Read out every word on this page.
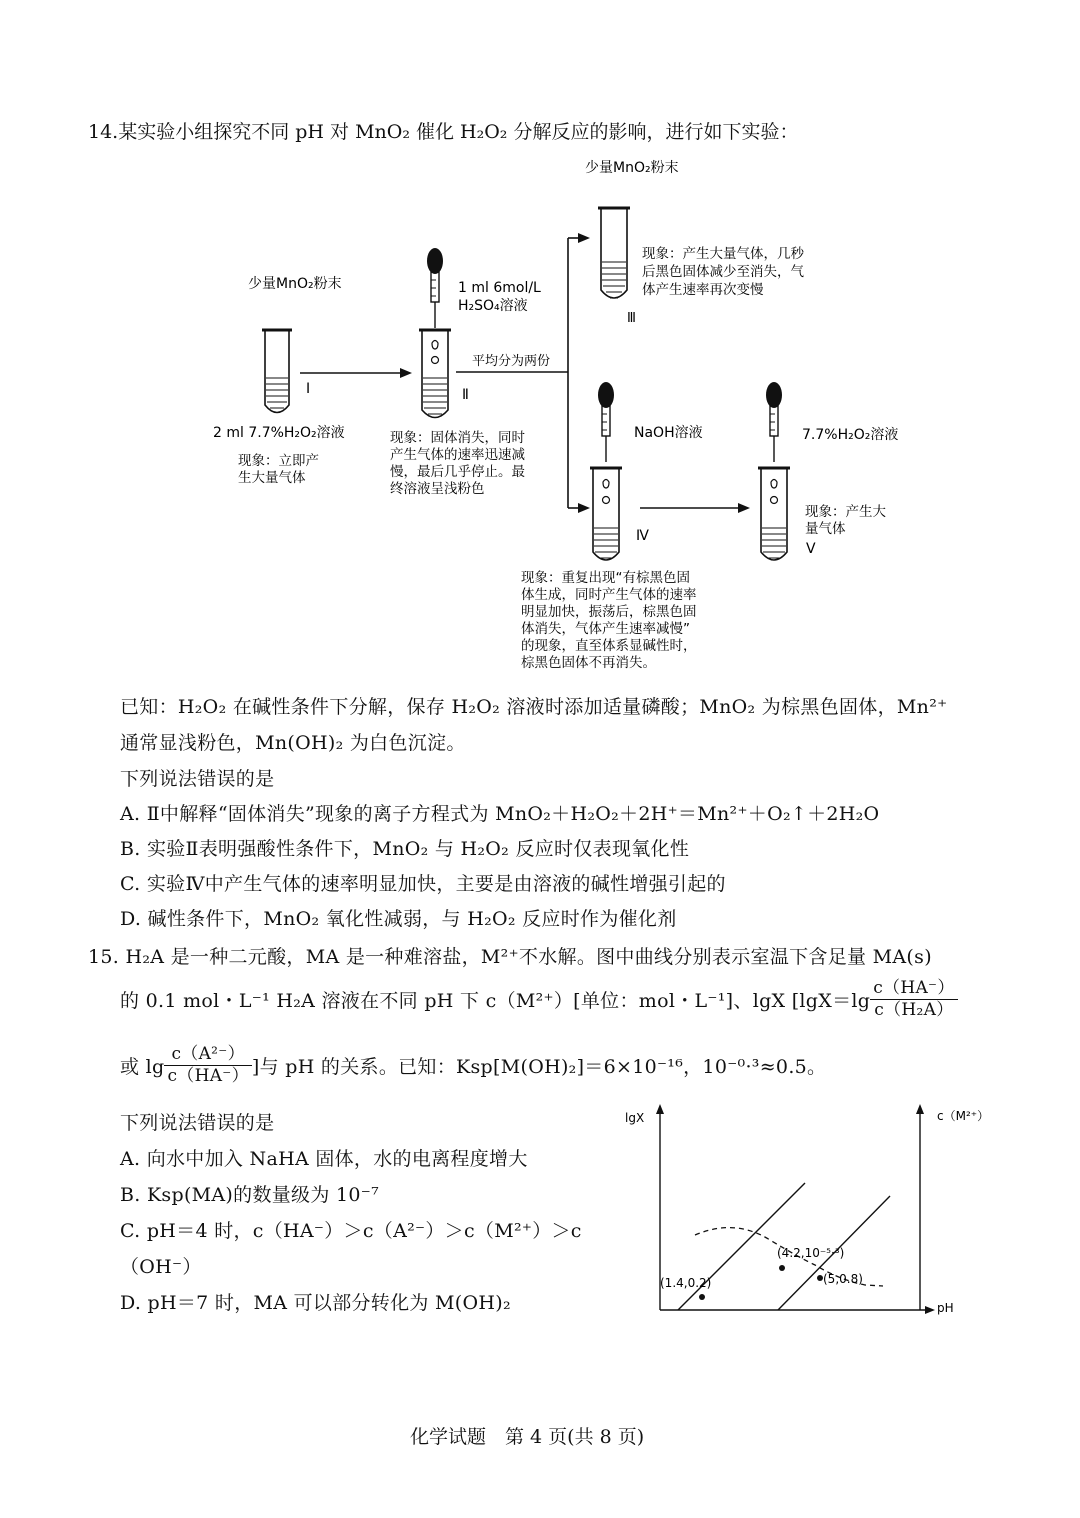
14.某实验小组探究不同 pH 对 MnO₂ 催化 H₂O₂ 分解反应的影响，进行如下实验：
Ⅰ
少量MnO₂粉末	1 ml 6mol/L
H₂SO₄溶液
Ⅱ
平均分为两份
少量MnO₂粉末
Ⅲ
现象：产生大量气体，几秒
后黑色固体减少至消失，气
体产生速率再次变慢
2 ml 7.7%H₂O₂溶液
现象：立即产
生大量气体
现象：固体消失，同时
产生气体的速率迅速减
慢，最后几乎停止。最
终溶液呈浅粉色
NaOH溶液
Ⅳ
7.7%H₂O₂溶液
现象：产生大
量气体
Ⅴ
现象：重复出现“有棕黑色固
体生成，同时产生气体的速率
明显加快，振荡后，棕黑色固
体消失，气体产生速率减慢”
的现象，直至体系显碱性时，
棕黑色固体不再消失。
已知：H₂O₂ 在碱性条件下分解，保存 H₂O₂ 溶液时添加适量磷酸；MnO₂ 为棕黑色固体，Mn²⁺
通常显浅粉色，Mn(OH)₂ 为白色沉淀。
下列说法错误的是
A. Ⅱ中解释“固体消失”现象的离子方程式为 MnO₂＋H₂O₂＋2H⁺＝Mn²⁺＋O₂↑＋2H₂O
B. 实验Ⅱ表明强酸性条件下，MnO₂ 与 H₂O₂ 反应时仅表现氧化性
C. 实验Ⅳ中产生气体的速率明显加快，主要是由溶液的碱性增强引起的
D. 碱性条件下，MnO₂ 氧化性减弱，与 H₂O₂ 反应时作为催化剂
15. H₂A 是一种二元酸，MA 是一种难溶盐，M²⁺不水解。图中曲线分别表示室温下含足量 MA(s)
的 0.1 mol・L⁻¹ H₂A 溶液在不同 pH 下 c（M²⁺）[单位：mol・L⁻¹]、lgX [$\lg X=\lg \frac{c(HA^-)}{\text{c（H₂A）}}$
或 $\lg \frac{\text{c（A²⁻）}}{c(HA^-)}$ ]与 pH 的关系。已知：Ksp[M(OH)₂]＝6×10⁻¹⁶，10⁻⁰·³≈0.5。
下列说法错误的是
A. 向水中加入 NaHA 固体，水的电离程度增大
B. Ksp(MA)的数量级为 10⁻⁷
C. pH＝4 时，c（HA⁻）＞c（A²⁻）＞c（M²⁺）＞c
（OH⁻）
D. pH＝7 时，MA 可以部分转化为 M(OH)₂
lgX	c（M²⁺）
pH
(1.4,0.2)
(4.2,10⁻⁵·³)
(5,0.8)
化学试题　第 4 页(共 8 页)
